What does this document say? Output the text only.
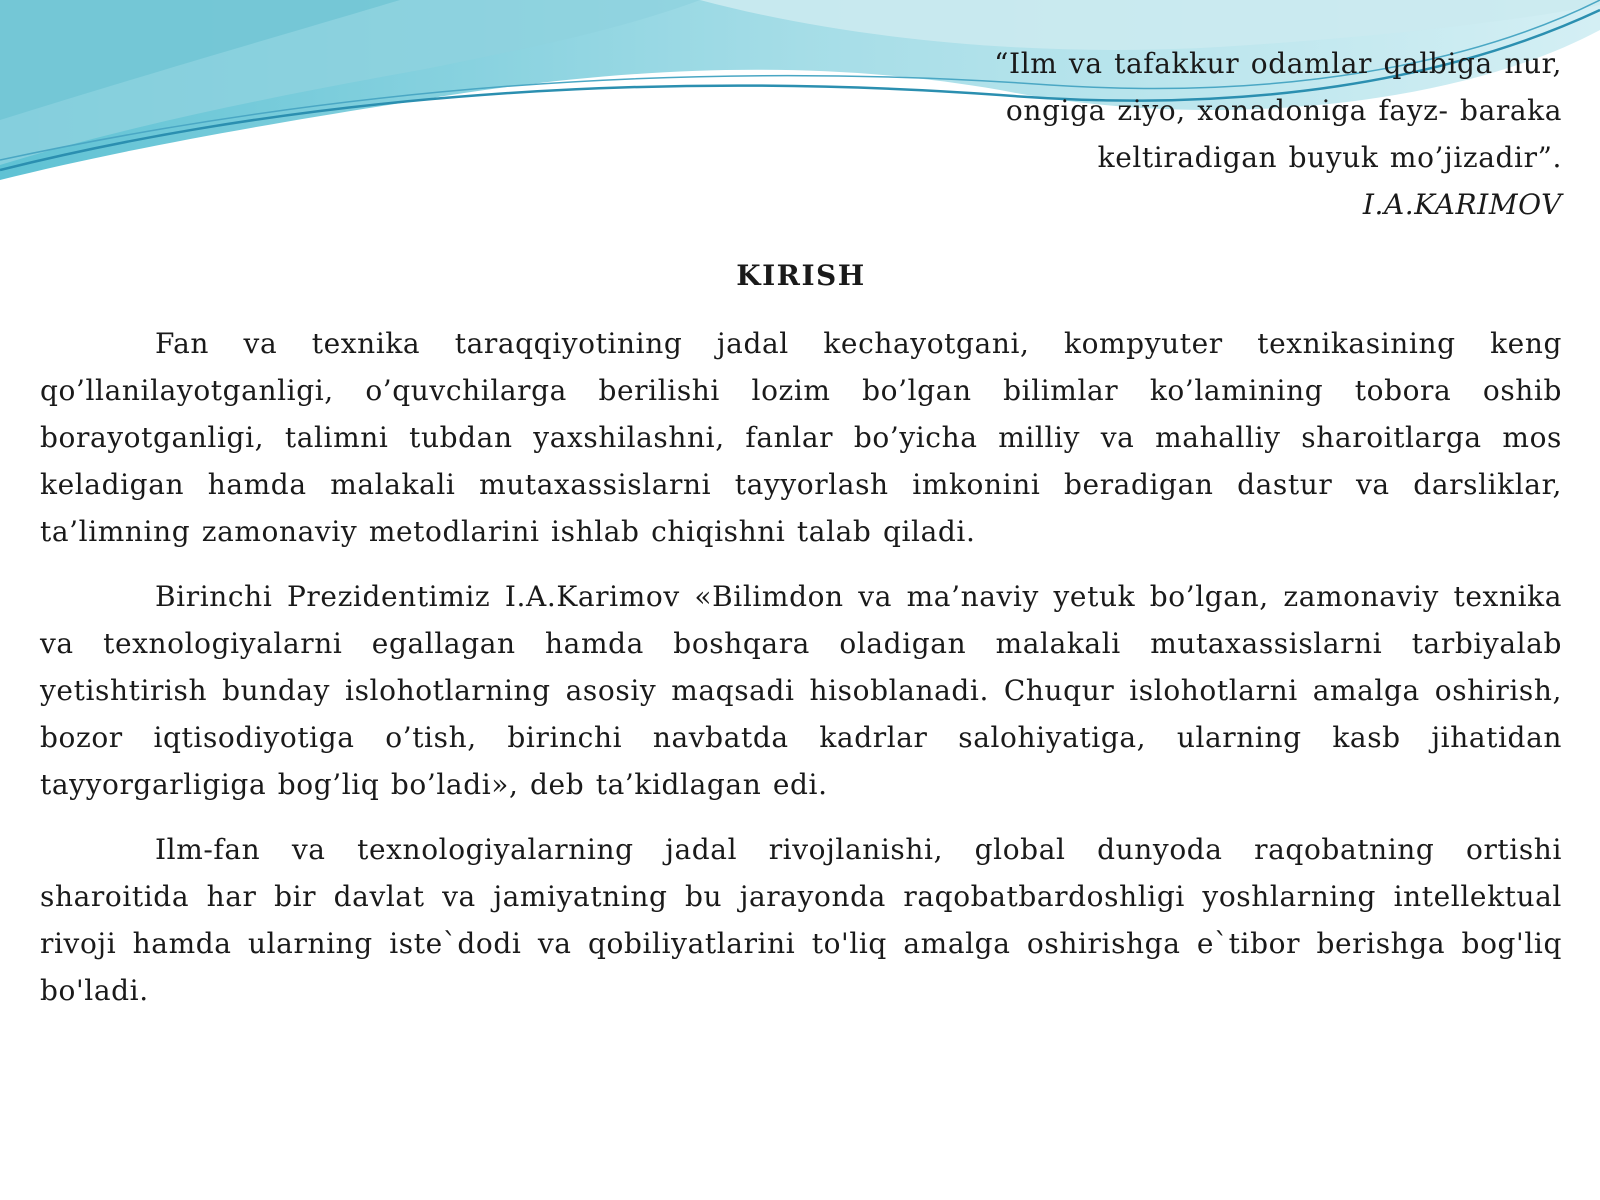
“Ilm va tafakkur odamlar qalbiga nur,

ongiga ziyo, xonadoniga fayz- baraka

keltiradigan buyuk mo’jizadir”.

I.A.KARIMOV

KIRISH

Fan va texnika taraqqiyotining jadal kechayotgani, kompyuter texnikasining keng qo’llanilayotganligi, o’quvchilarga berilishi lozim bo’lgan bilimlar ko’lamining tobora oshib borayotganligi, talimni tubdan yaxshilashni, fanlar bo’yicha milliy va mahalliy sharoitlarga mos keladigan hamda malakali mutaxassislarni tayyorlash imkonini beradigan dastur va darsliklar, ta’limning zamonaviy metodlarini ishlab chiqishni talab qiladi.

Birinchi Prezidentimiz I.A.Karimov «Bilimdon va ma’naviy yetuk bo’lgan, zamonaviy texnika va texnologiyalarni egallagan hamda boshqara oladigan malakali mutaxassislarni tarbiyalab yetishtirish bunday islohotlarning asosiy maqsadi hisoblanadi. Chuqur islohotlarni amalga oshirish, bozor iqtisodiyotiga o’tish, birinchi navbatda kadrlar salohiyatiga, ularning kasb jihatidan tayyorgarligiga bog’liq bo’ladi», deb ta’kidlagan edi.

Ilm-fan va texnologiyalarning jadal rivojlanishi, global dunyoda raqobatning ortishi sharoitida har bir davlat va jamiyatning bu jarayonda raqobatbardoshligi yoshlarning intellektual rivoji hamda ularning iste`dodi va qobiliyatlarini to'liq amalga oshirishga e`tibor berishga bog'liq bo'ladi.
